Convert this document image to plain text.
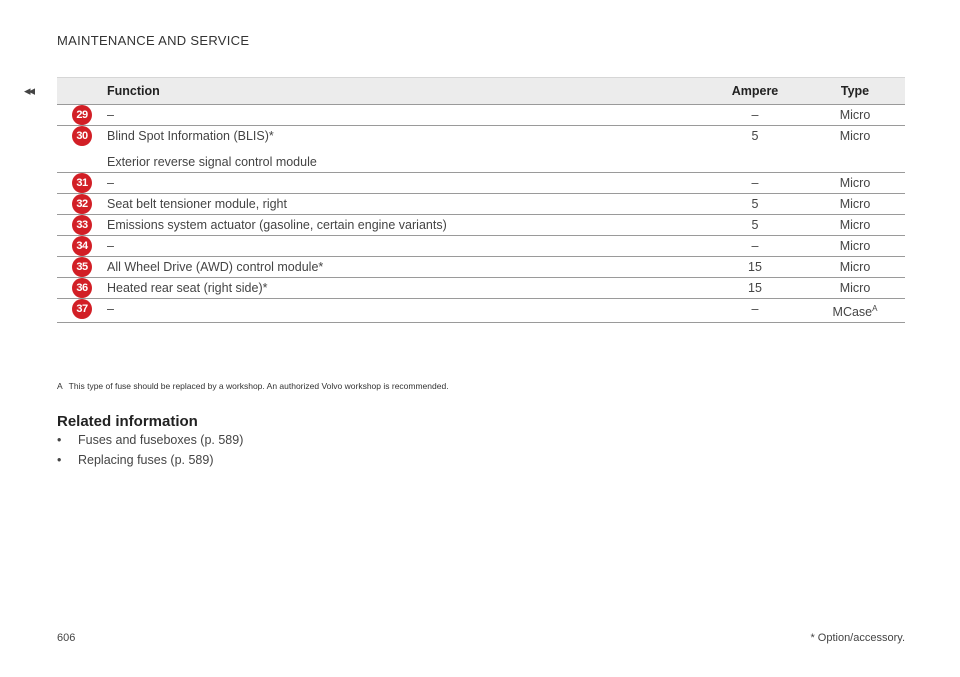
◂◂
MAINTENANCE AND SERVICE
	Function	Ampere	Type

29	–	–	Micro

30	Blind Spot Information (BLIS)*
Exterior reverse signal control module	5	Micro

31	–	–	Micro

32	Seat belt tensioner module, right	5	Micro

33	Emissions system actuator (gasoline, certain engine variants)	5	Micro

34	–	–	Micro

35	All Wheel Drive (AWD) control module*	15	Micro

36	Heated rear seat (right side)*	15	Micro

37	–	–	MCase$^A$
A This type of fuse should be replaced by a workshop. An authorized Volvo workshop is recommended.
Related information
• Fuses and fuseboxes (p. 589)
• Replacing fuses (p. 589)
606	* Option/accessory.
